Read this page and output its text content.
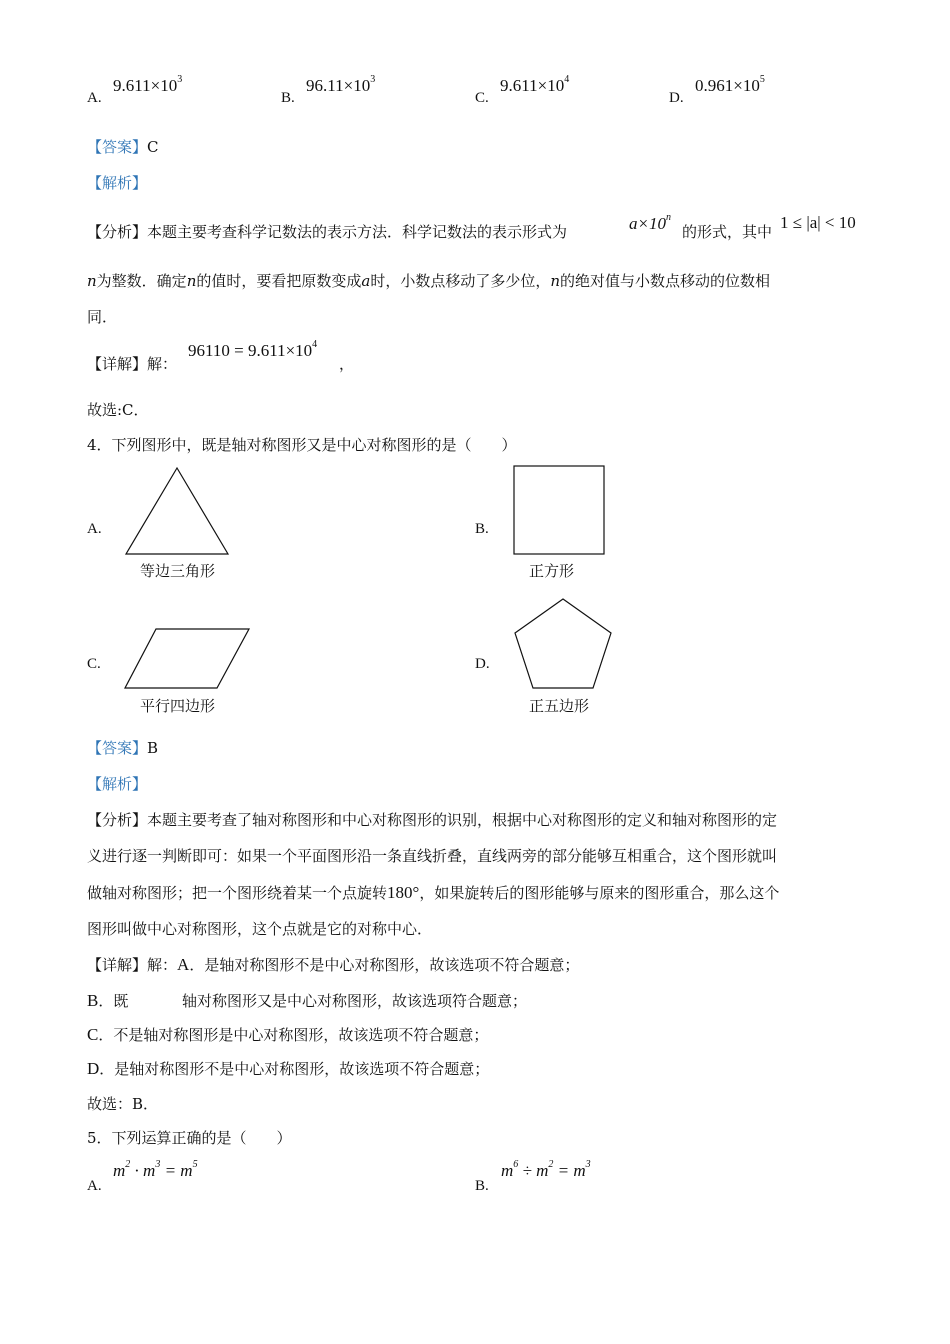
A.
$9.611\times 10^3$
B.
$96.11\times 10^3$
C.
$9.611\times 10^4$
D.
$0.961\times 10^5$
【答案】C
【解析】
【分析】本题主要考查科学记数法的表示方法．科学记数法的表示形式为	$a\times 10^n$
的形式，其中 1 ≤ |a| < 10
n为整数．确定n的值时，要看把原数变成a时，小数点移动了多少位，n的绝对值与小数点移动的位数相
同．
【详解】解：
$96110 = 9.611\times 10^4$
，
故选:C．
4．下列图形中，既是轴对称图形又是中心对称图形的是（　　）
A.
等边三角形
B.
正方形
C.
平行四边形
D.
正五边形
【答案】B
【解析】
【分析】本题主要考查了轴对称图形和中心对称图形的识别，根据中心对称图形的定义和轴对称图形的定
义进行逐一判断即可：如果一个平面图形沿一条直线折叠，直线两旁的部分能够互相重合，这个图形就叫
做轴对称图形；把一个图形绕着某一个点旋转180°，如果旋转后的图形能够与原来的图形重合，那么这个
图形叫做中心对称图形，这个点就是它的对称中心．
【详解】解：A．是轴对称图形不是中心对称图形，故该选项不符合题意；
B．既	轴对称图形又是中心对称图形，故该选项符合题意；
C．不是轴对称图形是中心对称图形，故该选项不符合题意；
D．是轴对称图形不是中心对称图形，故该选项不符合题意；
故选：B．
5．下列运算正确的是（　　）
A.
$m^2 \cdot m^3 = m^5$
B.
$m^6 \div m^2 = m^3$
